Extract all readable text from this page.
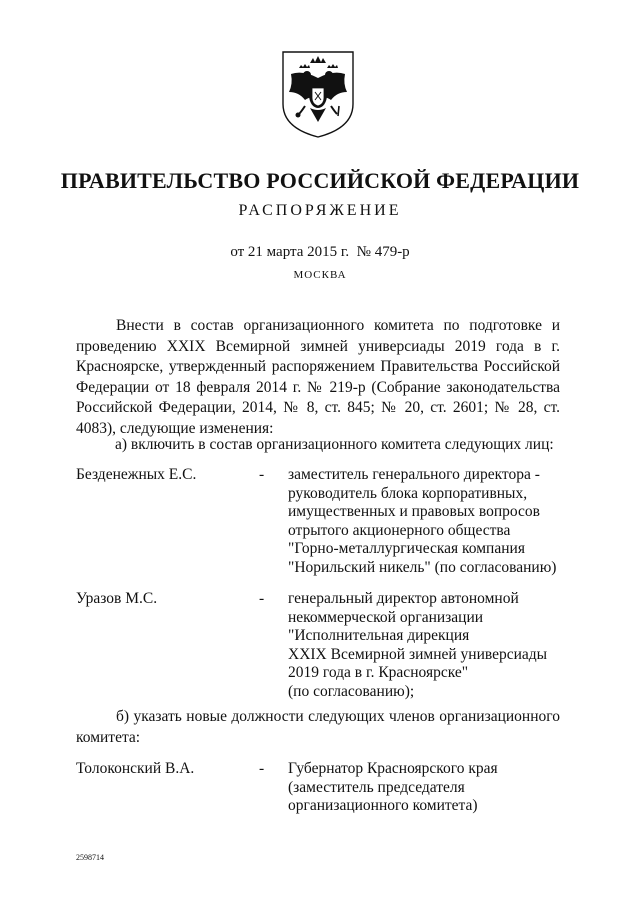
ПРАВИТЕЛЬСТВО РОССИЙСКОЙ ФЕДЕРАЦИИ
РАСПОРЯЖЕНИЕ
от 21 марта 2015 г.  № 479-р
МОСКВА
Внести в состав организационного комитета по подготовке и проведению XXIX Всемирной зимней универсиады 2019 года в г. Красноярске, утвержденный распоряжением Правительства Российской Федерации от 18 февраля 2014 г. № 219-р (Собрание законодательства Российской Федерации, 2014, № 8, ст. 845; № 20, ст. 2601; № 28, ст. 4083), следующие изменения:
а) включить в состав организационного комитета следующих лиц:
Безденежных Е.С.	- заместитель генерального директора -
руководитель блока корпоративных,
имущественных и правовых вопросов
отрытого акционерного общества
"Горно-металлургическая компания
"Норильский никель" (по согласованию)
Уразов М.С.	- генеральный директор автономной
некоммерческой организации
"Исполнительная дирекция
XXIX Всемирной зимней универсиады
2019 года в г. Красноярске"
(по согласованию);
б) указать новые должности следующих членов организационного комитета:
Толоконский В.А.	- Губернатор Красноярского края
(заместитель председателя
организационного комитета)
2598714
